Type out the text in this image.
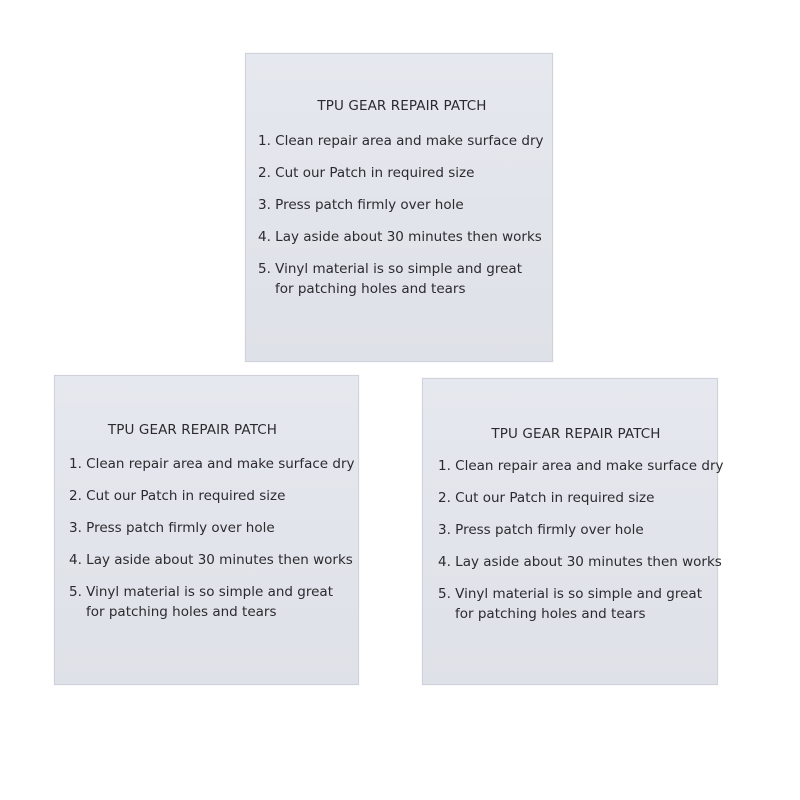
TPU GEAR REPAIR PATCH
1. Clean repair area and make surface dry
2. Cut our Patch in required size
3. Press patch firmly over hole
4. Lay aside about 30 minutes then works
5. Vinyl material is so simple and great
for patching holes and tears
TPU GEAR REPAIR PATCH
1. Clean repair area and make surface dry
2. Cut our Patch in required size
3. Press patch firmly over hole
4. Lay aside about 30 minutes then works
5. Vinyl material is so simple and great
for patching holes and tears
TPU GEAR REPAIR PATCH
1. Clean repair area and make surface dry
2. Cut our Patch in required size
3. Press patch firmly over hole
4. Lay aside about 30 minutes then works
5. Vinyl material is so simple and great
for patching holes and tears
